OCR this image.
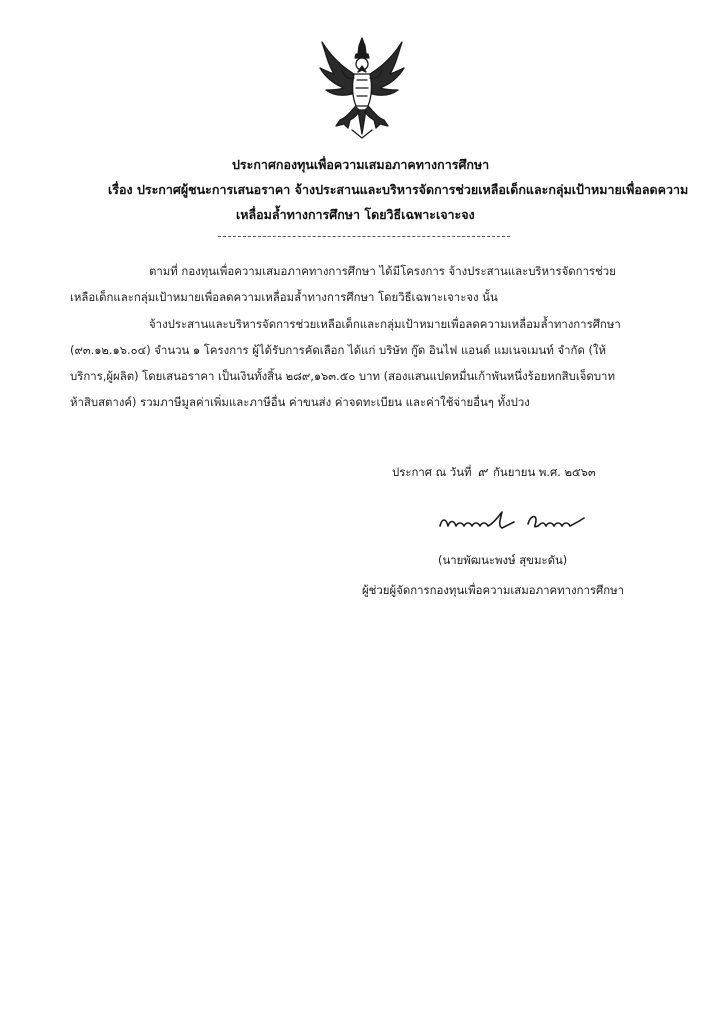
ประกาศกองทุนเพื่อความเสมอภาคทางการศึกษา
เรื่อง ประกาศผู้ชนะการเสนอราคา จ้างประสานและบริหารจัดการช่วยเหลือเด็กและกลุ่มเป้าหมายเพื่อลดความ
เหลื่อมล้ำทางการศึกษา โดยวิธีเฉพาะเจาะจง
ตามที่ กองทุนเพื่อความเสมอภาคทางการศึกษา ได้มีโครงการ จ้างประสานและบริหารจัดการช่วย
เหลือเด็กและกลุ่มเป้าหมายเพื่อลดความเหลื่อมล้ำทางการศึกษา โดยวิธีเฉพาะเจาะจง นั้น
จ้างประสานและบริหารจัดการช่วยเหลือเด็กและกลุ่มเป้าหมายเพื่อลดความเหลื่อมล้ำทางการศึกษา
(๙๓.๑๒.๑๖.๐๔) จำนวน ๑ โครงการ ผู้ได้รับการคัดเลือก ได้แก่ บริษัท กู๊ด อินไฟ แอนด์ แมเนจเมนท์ จำกัด (ให้
บริการ,ผู้ผลิต) โดยเสนอราคา เป็นเงินทั้งสิ้น ๒๘๙,๑๖๓.๕๐ บาท (สองแสนแปดหมื่นเก้าพันหนึ่งร้อยหกสิบเจ็ดบาท
ห้าสิบสตางค์) รวมภาษีมูลค่าเพิ่มและภาษีอื่น ค่าขนส่ง ค่าจดทะเบียน และค่าใช้จ่ายอื่นๆ ทั้งปวง
ประกาศ ณ วันที่ ๙ กันยายน พ.ศ. ๒๕๖๓
(นายพัฒนะพงษ์ สุขมะดัน)
ผู้ช่วยผู้จัดการกองทุนเพื่อความเสมอภาคทางการศึกษา
